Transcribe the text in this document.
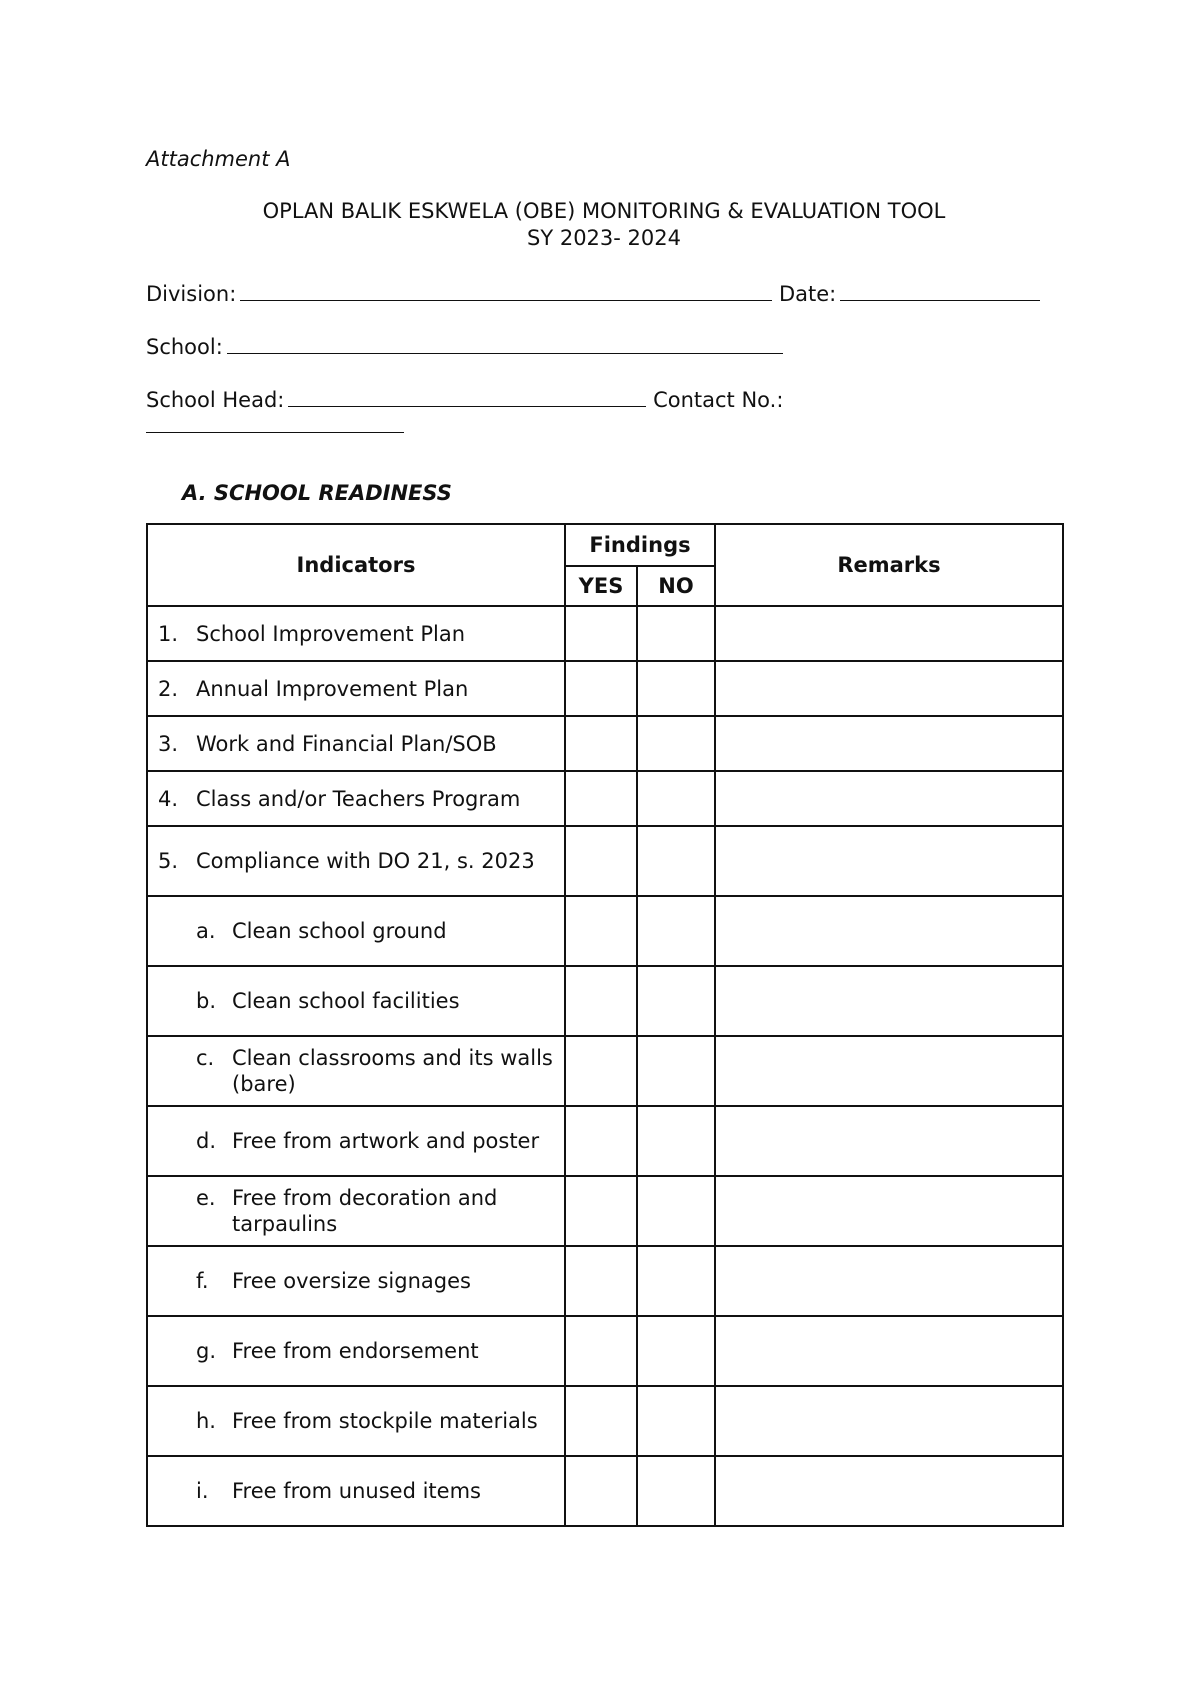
Attachment A
OPLAN BALIK ESKWELA (OBE) MONITORING & EVALUATION TOOL
SY 2023- 2024
Division:	Date:
School:
School Head:	Contact No.:
A. SCHOOL READINESS
Indicators	Findings		Remarks
	YES	NO	

1. School Improvement Plan			

2. Annual Improvement Plan			

3. Work and Financial Plan/SOB			

4. Class and/or Teachers Program			

5. Compliance with DO 21, s. 2023			

a. Clean school ground			

b. Clean school facilities			

c. Clean classrooms and its walls (bare)			

d. Free from artwork and poster			

e. Free from decoration and tarpaulins			

f. Free oversize signages			

g. Free from endorsement			

h. Free from stockpile materials			

i. Free from unused items			
